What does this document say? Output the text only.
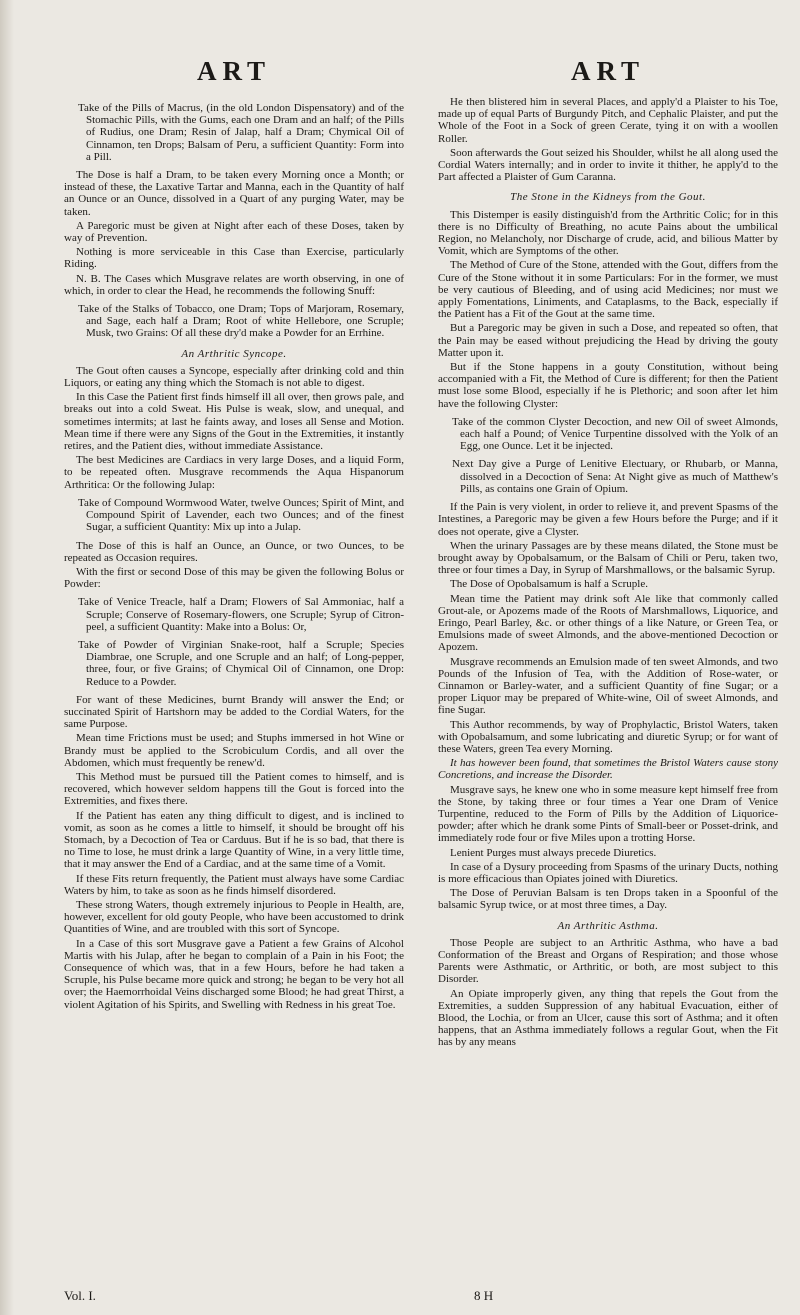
ART	ART

Take of the Pills of Macrus, (in the old London Dispensatory) and of the Stomachic Pills, with the Gums, each one Dram and an half; of the Pills of Rudius, one Dram; Resin of Jalap, half a Dram; Chymical Oil of Cinnamon, ten Drops; Balsam of Peru, a sufficient Quantity: Form into a Pill.

The Dose is half a Dram, to be taken every Morning once a Month; or instead of these, the Laxative Tartar and Manna, each in the Quantity of half an Ounce or an Ounce, dissolved in a Quart of any purging Water, may be taken.

A Paregoric must be given at Night after each of these Doses, taken by way of Prevention.

Nothing is more serviceable in this Case than Exercise, particularly Riding.

N. B. The Cases which Musgrave relates are worth observing, in one of which, in order to clear the Head, he recommends the following Snuff:

Take of the Stalks of Tobacco, one Dram; Tops of Marjoram, Rosemary, and Sage, each half a Dram; Root of white Hellebore, one Scruple; Musk, two Grains: Of all these dry'd make a Powder for an Errhine.

An Arthritic Syncope.

The Gout often causes a Syncope, especially after drinking cold and thin Liquors, or eating any thing which the Stomach is not able to digest.

In this Case the Patient first finds himself ill all over, then grows pale, and breaks out into a cold Sweat. His Pulse is weak, slow, and unequal, and sometimes intermits; at last he faints away, and loses all Sense and Motion. Mean time if there were any Signs of the Gout in the Extremities, it instantly retires, and the Patient dies, without immediate Assistance.

The best Medicines are Cardiacs in very large Doses, and a liquid Form, to be repeated often. Musgrave recommends the Aqua Hispanorum Arthritica: Or the following Julap:

Take of Compound Wormwood Water, twelve Ounces; Spirit of Mint, and Compound Spirit of Lavender, each two Ounces; and of the finest Sugar, a sufficient Quantity: Mix up into a Julap.

The Dose of this is half an Ounce, an Ounce, or two Ounces, to be repeated as Occasion requires.

With the first or second Dose of this may be given the following Bolus or Powder:

Take of Venice Treacle, half a Dram; Flowers of Sal Ammoniac, half a Scruple; Conserve of Rosemary-flowers, one Scruple; Syrup of Citron-peel, a sufficient Quantity: Make into a Bolus: Or,

Take of Powder of Virginian Snake-root, half a Scruple; Species Diambrae, one Scruple, and one Scruple and an half; of Long-pepper, three, four, or five Grains; of Chymical Oil of Cinnamon, one Drop: Reduce to a Powder.

For want of these Medicines, burnt Brandy will answer the End; or succinated Spirit of Hartshorn may be added to the Cordial Waters, for the same Purpose.

Mean time Frictions must be used; and Stuphs immersed in hot Wine or Brandy must be applied to the Scrobiculum Cordis, and all over the Abdomen, which must frequently be renew'd.

This Method must be pursued till the Patient comes to himself, and is recovered, which however seldom happens till the Gout is forced into the Extremities, and fixes there.

If the Patient has eaten any thing difficult to digest, and is inclined to vomit, as soon as he comes a little to himself, it should be brought off his Stomach, by a Decoction of Tea or Carduus. But if he is so bad, that there is no Time to lose, he must drink a large Quantity of Wine, in a very little time, that it may answer the End of a Cardiac, and at the same time of a Vomit.

If these Fits return frequently, the Patient must always have some Cardiac Waters by him, to take as soon as he finds himself disordered.

These strong Waters, though extremely injurious to People in Health, are, however, excellent for old gouty People, who have been accustomed to drink Quantities of Wine, and are troubled with this sort of Syncope.

In a Case of this sort Musgrave gave a Patient a few Grains of Alcohol Martis with his Julap, after he began to complain of a Pain in his Foot; the Consequence of which was, that in a few Hours, before he had taken a Scruple, his Pulse became more quick and strong; he began to be very hot all over; the Haemorrhoidal Veins discharged some Blood; he had great Thirst, a violent Agitation of his Spirits, and Swelling with Redness in his great Toe.

He then blistered him in several Places, and apply'd a Plaister to his Toe, made up of equal Parts of Burgundy Pitch, and Cephalic Plaister, and put the Whole of the Foot in a Sock of green Cerate, tying it on with a woollen Roller.

Soon afterwards the Gout seized his Shoulder, whilst he all along used the Cordial Waters internally; and in order to invite it thither, he apply'd to the Part affected a Plaister of Gum Caranna.

The Stone in the Kidneys from the Gout.

This Distemper is easily distinguish'd from the Arthritic Colic; for in this there is no Difficulty of Breathing, no acute Pains about the umbilical Region, no Melancholy, nor Discharge of crude, acid, and bilious Matter by Vomit, which are Symptoms of the other.

The Method of Cure of the Stone, attended with the Gout, differs from the Cure of the Stone without it in some Particulars: For in the former, we must be very cautious of Bleeding, and of using acid Medicines; nor must we apply Fomentations, Liniments, and Cataplasms, to the Back, especially if the Patient has a Fit of the Gout at the same time.

But a Paregoric may be given in such a Dose, and repeated so often, that the Pain may be eased without prejudicing the Head by driving the gouty Matter upon it.

But if the Stone happens in a gouty Constitution, without being accompanied with a Fit, the Method of Cure is different; for then the Patient must lose some Blood, especially if he is Plethoric; and soon after let him have the following Clyster:

Take of the common Clyster Decoction, and new Oil of sweet Almonds, each half a Pound; of Venice Turpentine dissolved with the Yolk of an Egg, one Ounce. Let it be injected.

Next Day give a Purge of Lenitive Electuary, or Rhubarb, or Manna, dissolved in a Decoction of Sena: At Night give as much of Matthew's Pills, as contains one Grain of Opium.

If the Pain is very violent, in order to relieve it, and prevent Spasms of the Intestines, a Paregoric may be given a few Hours before the Purge; and if it does not operate, give a Clyster.

When the urinary Passages are by these means dilated, the Stone must be brought away by Opobalsamum, or the Balsam of Chili or Peru, taken two, three or four times a Day, in Syrup of Marshmallows, or the balsamic Syrup.

The Dose of Opobalsamum is half a Scruple.

Mean time the Patient may drink soft Ale like that commonly called Grout-ale, or Apozems made of the Roots of Marshmallows, Liquorice, and Eringo, Pearl Barley, &c. or other things of a like Nature, or Green Tea, or Emulsions made of sweet Almonds, and the above-mentioned Decoction or Apozem.

Musgrave recommends an Emulsion made of ten sweet Almonds, and two Pounds of the Infusion of Tea, with the Addition of Rose-water, or Cinnamon or Barley-water, and a sufficient Quantity of fine Sugar; or a proper Liquor may be prepared of White-wine, Oil of sweet Almonds, and fine Sugar.

This Author recommends, by way of Prophylactic, Bristol Waters, taken with Opobalsamum, and some lubricating and diuretic Syrup; or for want of these Waters, green Tea every Morning.

It has however been found, that sometimes the Bristol Waters cause stony Concretions, and increase the Disorder.

Musgrave says, he knew one who in some measure kept himself free from the Stone, by taking three or four times a Year one Dram of Venice Turpentine, reduced to the Form of Pills by the Addition of Liquorice-powder; after which he drank some Pints of Small-beer or Posset-drink, and immediately rode four or five Miles upon a trotting Horse.

Lenient Purges must always precede Diuretics.

In case of a Dysury proceeding from Spasms of the urinary Ducts, nothing is more efficacious than Opiates joined with Diuretics.

The Dose of Peruvian Balsam is ten Drops taken in a Spoonful of the balsamic Syrup twice, or at most three times, a Day.

An Arthritic Asthma.

Those People are subject to an Arthritic Asthma, who have a bad Conformation of the Breast and Organs of Respiration; and those whose Parents were Asthmatic, or Arthritic, or both, are most subject to this Disorder.

An Opiate improperly given, any thing that repels the Gout from the Extremities, a sudden Suppression of any habitual Evacuation, either of Blood, the Lochia, or from an Ulcer, cause this sort of Asthma; and it often happens, that an Asthma immediately follows a regular Gout, when the Fit has by any means

Vol. I.	8 H
